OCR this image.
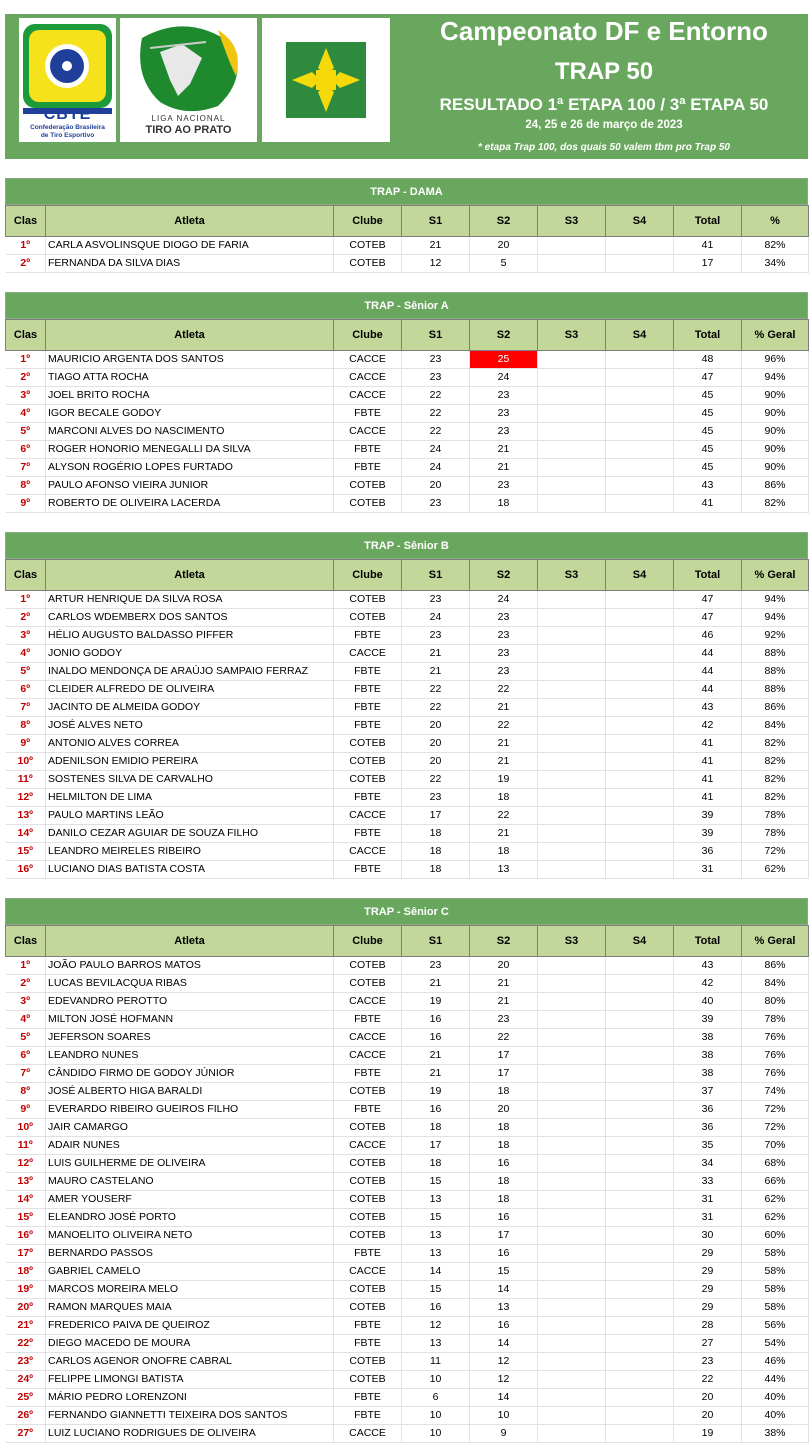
CBTE
Confederação Brasileira
de Tiro Esportivo
LIGA NACIONAL
TIRO AO PRATO
Campeonato DF e Entorno
TRAP 50
RESULTADO 1ª ETAPA 100 / 3ª ETAPA 50
24, 25 e 26 de março de 2023
* etapa Trap 100, dos quais 50 valem tbm pro Trap 50
TRAP - DAMA
Clas	Atleta	Clube	S1	S2	S3	S4	Total	%
1º	CARLA ASVOLINSQUE DIOGO DE FARIA	COTEB	21	20			41	82%
2º	FERNANDA DA SILVA DIAS	COTEB	12	5			17	34%
TRAP - Sênior A
Clas	Atleta	Clube	S1	S2	S3	S4	Total	% Geral
1º	MAURICIO ARGENTA DOS SANTOS	CACCE	23	25			48	96%
2º	TIAGO ATTA ROCHA	CACCE	23	24			47	94%
3º	JOEL BRITO ROCHA	CACCE	22	23			45	90%
4º	IGOR BECALE GODOY	FBTE	22	23			45	90%
5º	MARCONI ALVES DO NASCIMENTO	CACCE	22	23			45	90%
6º	ROGER HONORIO MENEGALLI DA SILVA	FBTE	24	21			45	90%
7º	ALYSON ROGÉRIO LOPES FURTADO	FBTE	24	21			45	90%
8º	PAULO AFONSO VIEIRA JUNIOR	COTEB	20	23			43	86%
9º	ROBERTO DE OLIVEIRA LACERDA	COTEB	23	18			41	82%
TRAP - Sênior B
Clas	Atleta	Clube	S1	S2	S3	S4	Total	% Geral
1º	ARTUR HENRIQUE DA SILVA ROSA	COTEB	23	24			47	94%
2º	CARLOS WDEMBERX DOS SANTOS	COTEB	24	23			47	94%
3º	HÉLIO AUGUSTO BALDASSO PIFFER	FBTE	23	23			46	92%
4º	JONIO GODOY	CACCE	21	23			44	88%
5º	INALDO MENDONÇA DE ARAÚJO SAMPAIO FERRAZ	FBTE	21	23			44	88%
6º	CLEIDER ALFREDO DE OLIVEIRA	FBTE	22	22			44	88%
7º	JACINTO DE ALMEIDA GODOY	FBTE	22	21			43	86%
8º	JOSÉ ALVES NETO	FBTE	20	22			42	84%
9º	ANTONIO ALVES CORREA	COTEB	20	21			41	82%
10º	ADENILSON EMIDIO PEREIRA	COTEB	20	21			41	82%
11º	SOSTENES SILVA DE CARVALHO	COTEB	22	19			41	82%
12º	HELMILTON DE LIMA	FBTE	23	18			41	82%
13º	PAULO MARTINS LEÃO	CACCE	17	22			39	78%
14º	DANILO CEZAR AGUIAR DE SOUZA FILHO	FBTE	18	21			39	78%
15º	LEANDRO MEIRELES RIBEIRO	CACCE	18	18			36	72%
16º	LUCIANO DIAS BATISTA COSTA	FBTE	18	13			31	62%
TRAP - Sênior C
Clas	Atleta	Clube	S1	S2	S3	S4	Total	% Geral
1º	JOÃO PAULO BARROS MATOS	COTEB	23	20			43	86%
2º	LUCAS BEVILACQUA RIBAS	COTEB	21	21			42	84%
3º	EDEVANDRO PEROTTO	CACCE	19	21			40	80%
4º	MILTON JOSÉ HOFMANN	FBTE	16	23			39	78%
5º	JEFERSON SOARES	CACCE	16	22			38	76%
6º	LEANDRO NUNES	CACCE	21	17			38	76%
7º	CÂNDIDO FIRMO DE GODOY JÚNIOR	FBTE	21	17			38	76%
8º	JOSÉ ALBERTO HIGA BARALDI	COTEB	19	18			37	74%
9º	EVERARDO RIBEIRO GUEIROS FILHO	FBTE	16	20			36	72%
10º	JAIR CAMARGO	COTEB	18	18			36	72%
11º	ADAIR NUNES	CACCE	17	18			35	70%
12º	LUIS GUILHERME DE OLIVEIRA	COTEB	18	16			34	68%
13º	MAURO CASTELANO	COTEB	15	18			33	66%
14º	AMER YOUSERF	COTEB	13	18			31	62%
15º	ELEANDRO JOSÉ PORTO	COTEB	15	16			31	62%
16º	MANOELITO OLIVEIRA NETO	COTEB	13	17			30	60%
17º	BERNARDO PASSOS	FBTE	13	16			29	58%
18º	GABRIEL CAMELO	CACCE	14	15			29	58%
19º	MARCOS MOREIRA MELO	COTEB	15	14			29	58%
20º	RAMON MARQUES MAIA	COTEB	16	13			29	58%
21º	FREDERICO PAIVA DE QUEIROZ	FBTE	12	16			28	56%
22º	DIEGO MACEDO DE MOURA	FBTE	13	14			27	54%
23º	CARLOS AGENOR ONOFRE CABRAL	COTEB	11	12			23	46%
24º	FELIPPE LIMONGI BATISTA	COTEB	10	12			22	44%
25º	MÁRIO PEDRO LORENZONI	FBTE	6	14			20	40%
26º	FERNANDO GIANNETTI TEIXEIRA DOS SANTOS	FBTE	10	10			20	40%
27º	LUIZ LUCIANO RODRIGUES DE OLIVEIRA	CACCE	10	9			19	38%
